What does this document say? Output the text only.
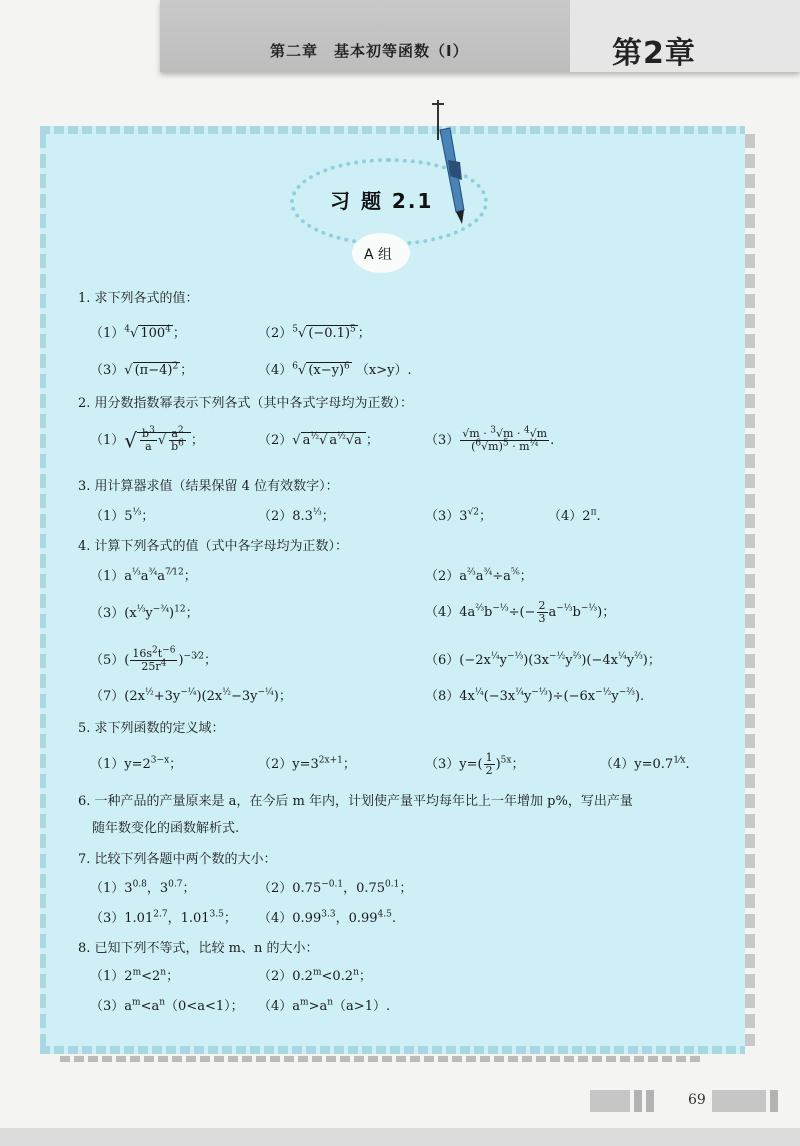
第二章　基本初等函数（Ⅰ）	第2章
习 题 2.1
A 组
1. 求下列各式的值：
$(1)^4√$ $100^4$ ；	$(2)^5√$ $(-0.1)^5$ ；
（3）√ $(\pi-4)^2$ ；	$(4)^6√$ $(x-y)^6$ （x>y）.
2. 用分数指数幂表示下列各式（其中各式字母均为正数）：
$(1)√ \frac{b^3}{a}$ √ $\frac{a^2}{b^6}$ ；	（2）√ $a^{\frac{1}{2}}√$ $a^{\frac{1}{2}}√a$ ；	$(3) \frac{√m \cdot ^3√m \cdot ^4√m}{(^6√m)^5 \cdot m^{\frac{1}{4}}}$ .
3. 用计算器求值（结果保留 4 位有效数字）：
$(1)5^{\frac{1}{3}}$；	$(2)8.3^{\frac{1}{3}}$；	$(3)3^{√2}$；	$(4)2^\pi$.
4. 计算下列各式的值（式中各字母均为正数）：
$(1)a^{\frac{1}{3}}a^{\frac{3}{4}}a^{7⁄12}$；	$(2)a^{\frac{2}{3}}a^{\frac{3}{4}}\div a^{\frac{5}{6}}$；
$(3)(x^{\frac{1}{3}}y^{-\frac{3}{4}})^{12}$；	$(4)4a^{\frac{2}{3}}b^{-\frac{1}{3}}\div(- \frac{2}{3} a^{-\frac{1}{3}}b^{-\frac{1}{3}})$；
$(5)( \frac{16s^2t^{-6}}{25r^4} )^{-3⁄2}$；	$(6)(-2x^{\frac{1}{4}}y^{-\frac{1}{3}})(3x^{-\frac{1}{2}}y^{\frac{2}{3}})(-4x^{\frac{1}{4}}y^{\frac{2}{3}})$；
$(7)(2x^{\frac{1}{2}}+3y^{-\frac{1}{4}})(2x^{\frac{1}{2}}-3y^{-\frac{1}{4}})$；	$(8)4x^{\frac{1}{4}}(-3x^{\frac{1}{4}}y^{-\frac{1}{3}})\div(-6x^{-\frac{1}{2}}y^{-\frac{2}{3}})$.
5. 求下列函数的定义域：
$(1)y=2^{3-x}$；	$(2)y=3^{2x+1}$；	$(3)y=( \frac{1}{2} )^{5x}$；	$(4)y=0.7^{1⁄x}$.
6. 一种产品的产量原来是 a，在今后 m 年内，计划使产量平均每年比上一年增加 p%，写出产量
随年数变化的函数解析式.
7. 比较下列各题中两个数的大小：
$(1)3^{0.8}$，$3^{0.7}$；	$(2)0.75^{-0.1}$，$0.75^{0.1}$；
$(3)1.01^{2.7}$，$1.01^{3.5}$； $(4)0.99^{3.3}$，$0.99^{4.5}$.
8. 已知下列不等式，比较 m、n 的大小：
$(1)2^m<2^n$；	$(2)0.2^m<0.2^n$；
$(3)a^m<a^n(0<a<1)$； $(4)a^m>a^n(a>1)$.
69
